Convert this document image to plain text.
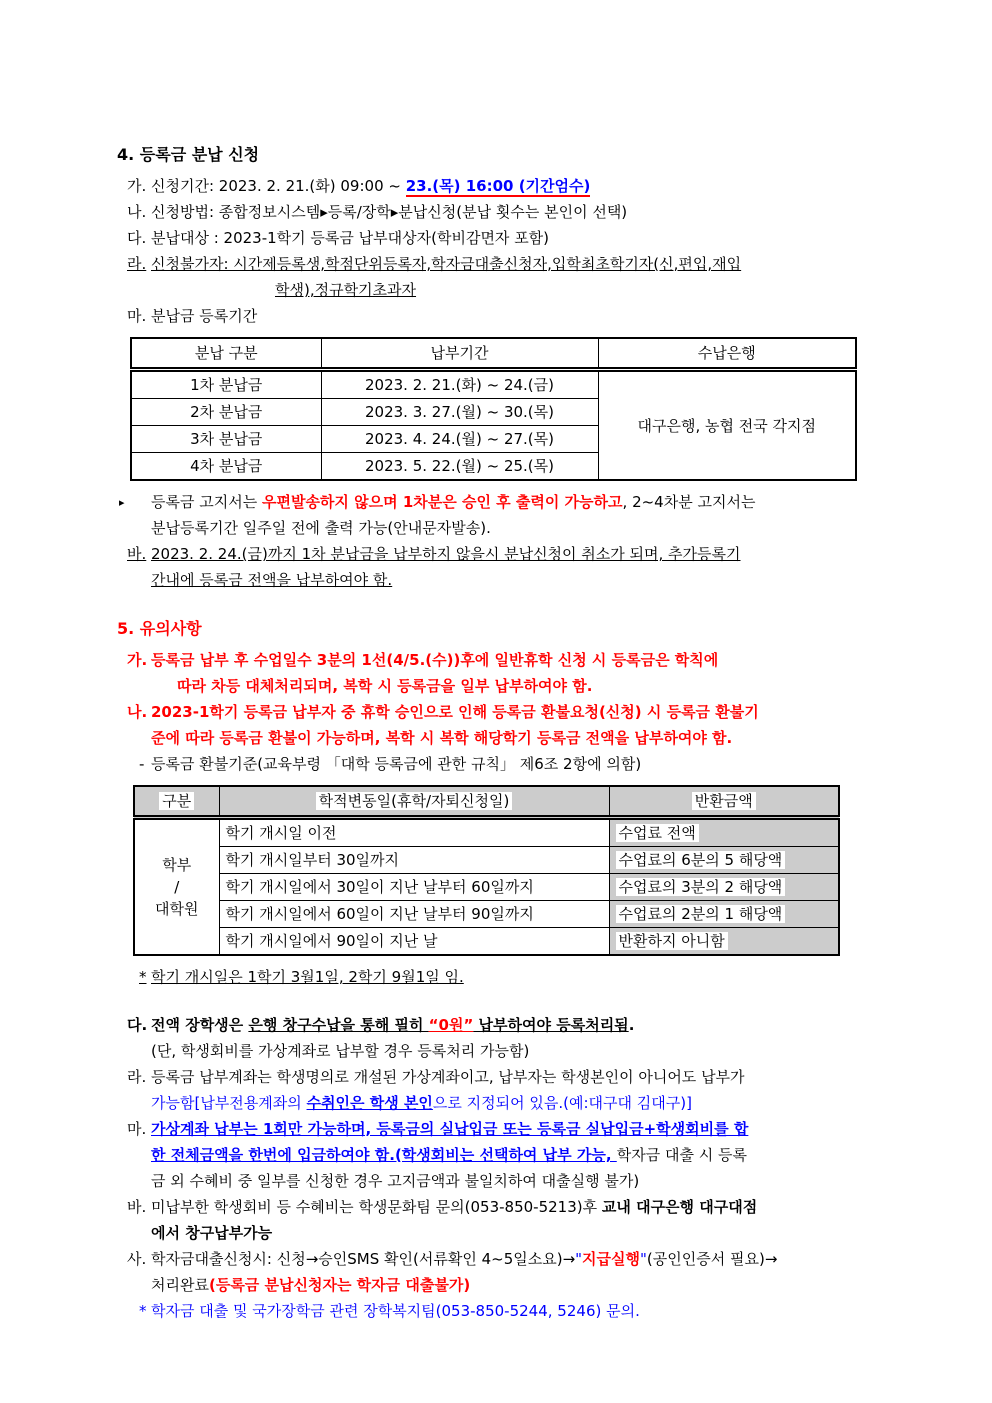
4. 등록금 분납 신청
가. 신청기간: 2023. 2. 21.(화) 09:00 ~ 23.(목) 16:00 (기간엄수)
나. 신청방법: 종합정보시스템▸등록/장학▸분납신청(분납 횟수는 본인이 선택)
다. 분납대상 : 2023-1학기 등록금 납부대상자(학비감면자 포함)
라. 신청불가자: 시간제등록생,학점단위등록자,학자금대출신청자,입학최초학기자(신,편입,재입
학생),정규학기초과자
마. 분납금 등록기간
분납 구분	납부기간	수납은행
1차 분납금	2023. 2. 21.(화) ~ 24.(금)	대구은행, 농협 전국 각지점
2차 분납금	2023. 3. 27.(월) ~ 30.(목)	
3차 분납금	2023. 4. 24.(월) ~ 27.(목)	
4차 분납금	2023. 5. 22.(월) ~ 25.(목)	
▸ 등록금 고지서는 우편발송하지 않으며 1차분은 승인 후 출력이 가능하고, 2~4차분 고지서는
분납등록기간 일주일 전에 출력 가능(안내문자발송).
바. 2023. 2. 24.(금)까지 1차 분납금을 납부하지 않을시 분납신청이 취소가 되며, 추가등록기
간내에 등록금 전액을 납부하여야 함.
5. 유의사항
가. 등록금 납부 후 수업일수 3분의 1선(4/5.(수))후에 일반휴학 신청 시 등록금은 학칙에
따라 차등 대체처리되며, 복학 시 등록금을 일부 납부하여야 함.
나. 2023-1학기 등록금 납부자 중 휴학 승인으로 인해 등록금 환불요청(신청) 시 등록금 환불기
준에 따라 등록금 환불이 가능하며, 복학 시 복학 해당학기 등록금 전액을 납부하여야 함.
- 등록금 환불기준(교육부령 「대학 등록금에 관한 규칙」 제6조 2항에 의함)
구분	학적변동일(휴학/자퇴신청일)	반환금액

학부
/
대학원	학기 개시일 이전	수업료 전액
	학기 개시일부터 30일까지	수업료의 6분의 5 해당액
	학기 개시일에서 30일이 지난 날부터 60일까지	수업료의 3분의 2 해당액
	학기 개시일에서 60일이 지난 날부터 90일까지	수업료의 2분의 1 해당액
	학기 개시일에서 90일이 지난 날	반환하지 아니함
* 학기 개시일은 1학기 3월1일, 2학기 9월1일 임.
다. 전액 장학생은 은행 창구수납을 통해 필히 “0원” 납부하여야 등록처리됨.
(단, 학생회비를 가상계좌로 납부할 경우 등록처리 가능함)
라. 등록금 납부계좌는 학생명의로 개설된 가상계좌이고, 납부자는 학생본인이 아니어도 납부가
가능함[납부전용계좌의 수취인은 학생 본인으로 지정되어 있음.(예:대구대 김대구)]
마. 가상계좌 납부는 1회만 가능하며, 등록금의 실납입금 또는 등록금 실납입금+학생회비를 합
한 전체금액을 한번에 입금하여야 함.(학생회비는 선택하여 납부 가능, 학자금 대출 시 등록
금 외 수혜비 중 일부를 신청한 경우 고지금액과 불일치하여 대출실행 불가)
바. 미납부한 학생회비 등 수혜비는 학생문화팀 문의(053-850-5213)후 교내 대구은행 대구대점
에서 창구납부가능
사. 학자금대출신청시: 신청→승인SMS 확인(서류확인 4~5일소요)→"지급실행"(공인인증서 필요)→
처리완료(등록금 분납신청자는 학자금 대출불가)
* 학자금 대출 및 국가장학금 관련 장학복지팀(053-850-5244, 5246) 문의.
